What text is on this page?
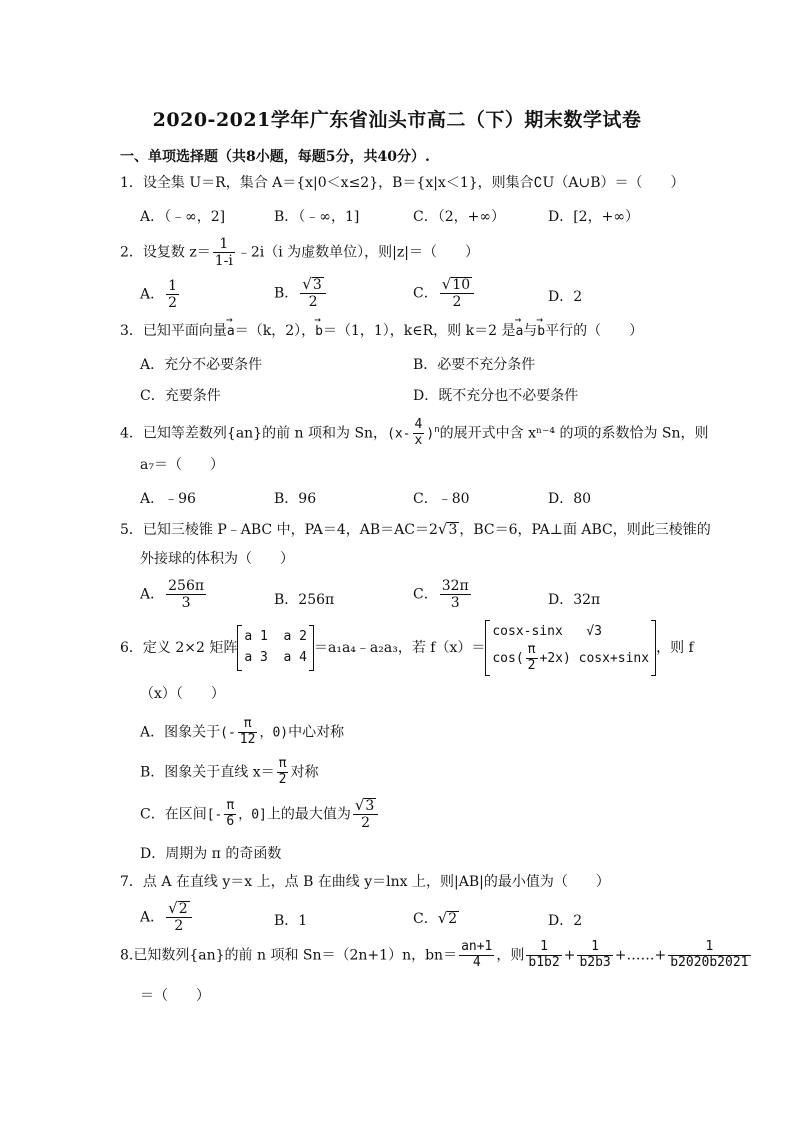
2020-2021学年广东省汕头市高二（下）期末数学试卷
一、单项选择题（共8小题，每题5分，共40分）.
1．设全集 U＝R，集合 A＝{x|0＜x≤2}，B＝{x|x＜1}，则集合∁U（A∪B）＝（　　）
A．（﹣∞，2]	B．（﹣∞，1]	C．（2，+∞）	D．[2，+∞）
2．设复数 $z= \frac{1}{1-i}$ ﹣2i（i 为虚数单位），则|z|＝（　　）
A． $\frac{1}{2}$	B． $\frac{√3}{2}$	C． $\frac{√10}{2}$	D．2
3．已知平面向量→ a＝（k，2），→ b＝（1，1），k∈R，则 k＝2 是→ a与→ b平行的（　　）
A．充分不必要条件	B．必要不充分条件
C．充要条件	D．既不充分也不必要条件
4．已知等差数列{an}的前 n 项和为 Sn，$(x- \frac{4}{x} )^n$的展开式中含 xⁿ⁻⁴ 的项的系数恰为 Sn，则
a₇＝（　　）
A．﹣96	B．96	C．﹣80	D．80
5．已知三棱锥 P﹣ABC 中，PA＝4，AB＝AC＝2√3 ，BC＝6，PA⊥面 ABC，则此三棱锥的
外接球的体积为（　　）
A． $\frac{256\pi}{3}$	B．256π	C． $\frac{32\pi}{3}$	D．32π
6．定义 2×2 矩阵
a 1 a 2
a 3 a 4
＝a₁a₄﹣a₂a₃，若 f（x）＝
cosx-sinx √3
$\cos( \frac{\pi}{2} +2x)$ cosx+sinx
，则 f
（x）（　　）
A．图象关于(- $\frac{\pi}{12}$ ，0)中心对称
B．图象关于直线 $x= \frac{\pi}{2}$ 对称
C．在区间[- $\frac{\pi}{6}$ ，0]上的最大值为 $\frac{√3}{2}$
D．周期为 π 的奇函数
7．点 A 在直线 y＝x 上，点 B 在曲线 y＝lnx 上，则|AB|的最小值为（　　）
A． $\frac{√2}{2}$	B．1	C．√2	D．2
8.已知数列{an}的前 n 项和 Sn＝（2n+1）n，$bn= \frac{an+1}{4}$ ，则 $\frac{1}{b1b2} + \frac{1}{b2b3}$ +……+ $\frac{1}{b2020b2021}$
＝（　　）
